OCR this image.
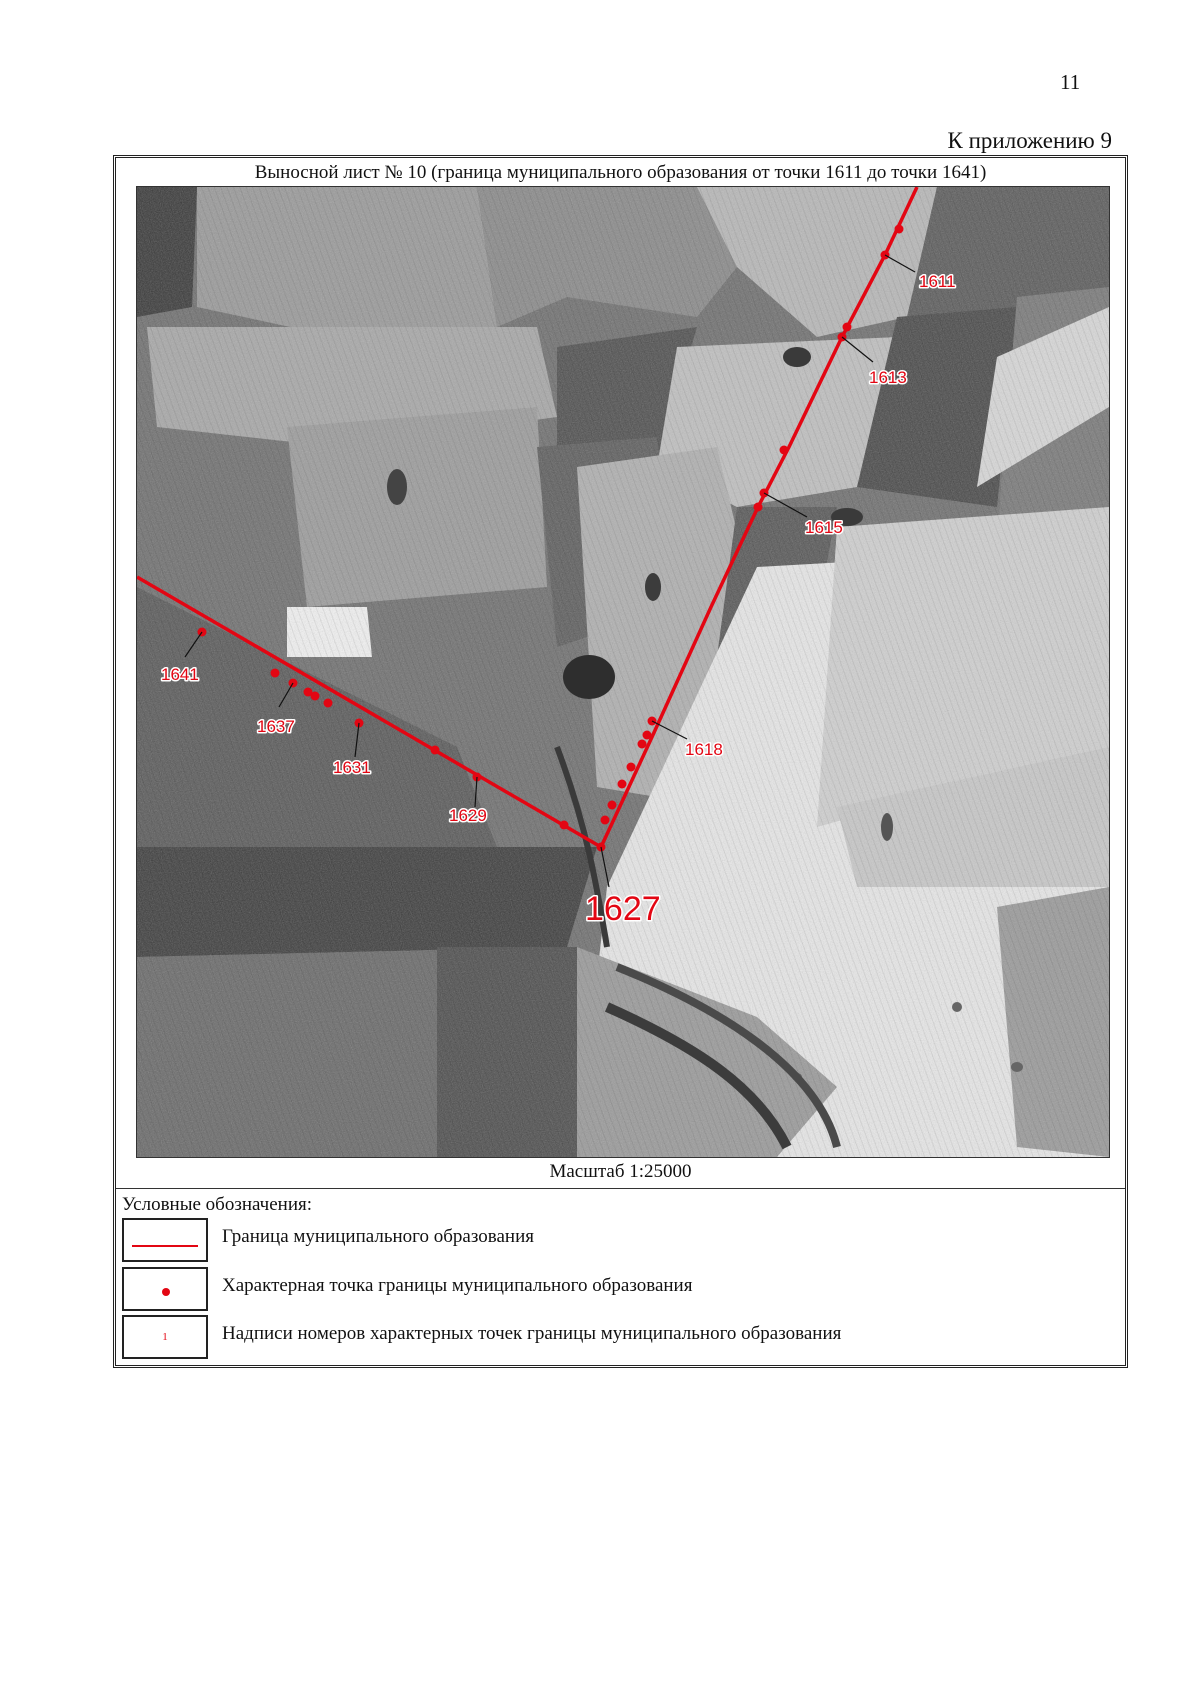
11
К приложению 9
Выносной лист № 10 (граница муниципального образования от точки 1611 до точки 1641)
1611
1613
1615
1618
1627
1629
1631
1637
1641
Масштаб 1:25000
Условные обозначения:
Граница муниципального образования
Характерная точка границы муниципального образования
1	Надписи номеров характерных точек границы муниципального образования
